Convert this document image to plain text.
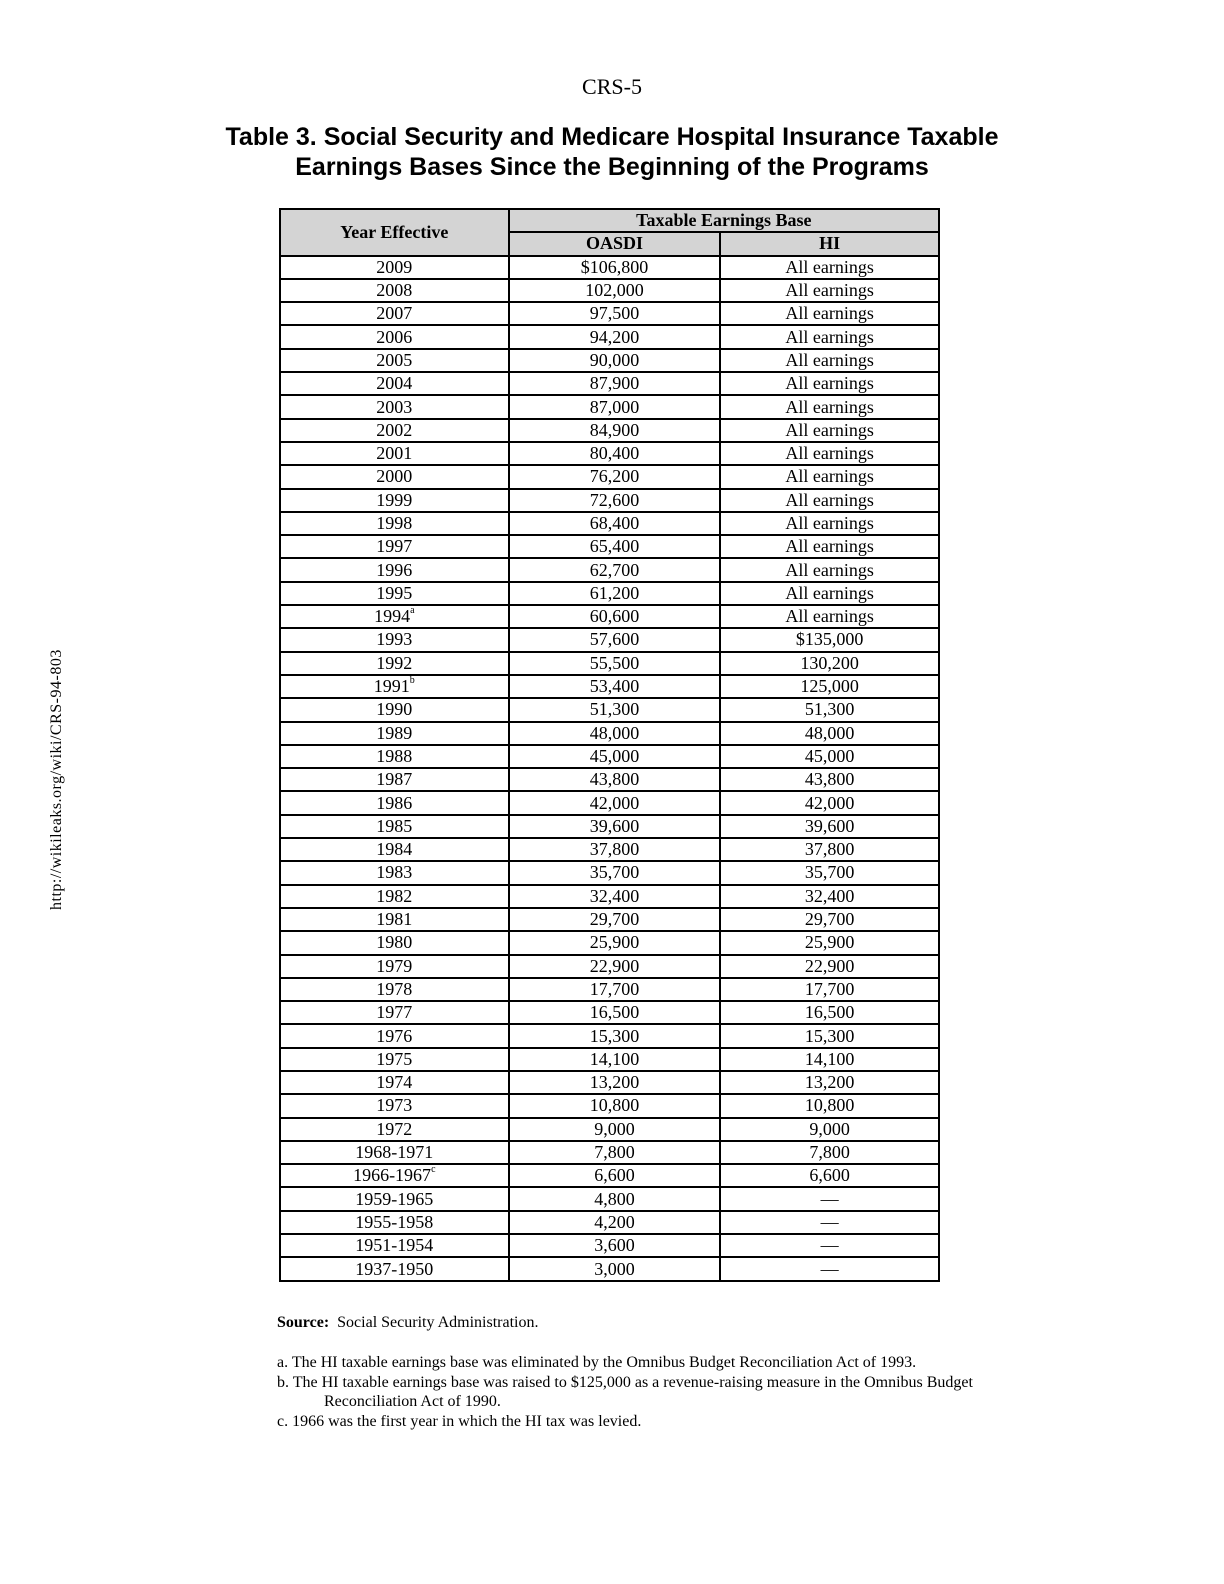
CRS-5
Table 3. Social Security and Medicare Hospital Insurance Taxable
Earnings Bases Since the Beginning of the Programs
http://wikileaks.org/wiki/CRS-94-803
Year Effective	Taxable Earnings Base	
	OASDI	HI
2009	$106,800	All earnings
2008	102,000	All earnings
2007	97,500	All earnings
2006	94,200	All earnings
2005	90,000	All earnings
2004	87,900	All earnings
2003	87,000	All earnings
2002	84,900	All earnings
2001	80,400	All earnings
2000	76,200	All earnings
1999	72,600	All earnings
1998	68,400	All earnings
1997	65,400	All earnings
1996	62,700	All earnings
1995	61,200	All earnings
1994$^a$	60,600	All earnings
1993	57,600	$135,000
1992	55,500	130,200
1991$^b$	53,400	125,000
1990	51,300	51,300
1989	48,000	48,000
1988	45,000	45,000
1987	43,800	43,800
1986	42,000	42,000
1985	39,600	39,600
1984	37,800	37,800
1983	35,700	35,700
1982	32,400	32,400
1981	29,700	29,700
1980	25,900	25,900
1979	22,900	22,900
1978	17,700	17,700
1977	16,500	16,500
1976	15,300	15,300
1975	14,100	14,100
1974	13,200	13,200
1973	10,800	10,800
1972	9,000	9,000
1968-1971	7,800	7,800
1966-1967$^c$	6,600	6,600
1959-1965	4,800	—
1955-1958	4,200	—
1951-1954	3,600	—
1937-1950	3,000	—
Source: Social Security Administration.
a. The HI taxable earnings base was eliminated by the Omnibus Budget Reconciliation Act of 1993.
b. The HI taxable earnings base was raised to $125,000 as a revenue-raising measure in the Omnibus Budget Reconciliation Act of 1990.
c. 1966 was the first year in which the HI tax was levied.
